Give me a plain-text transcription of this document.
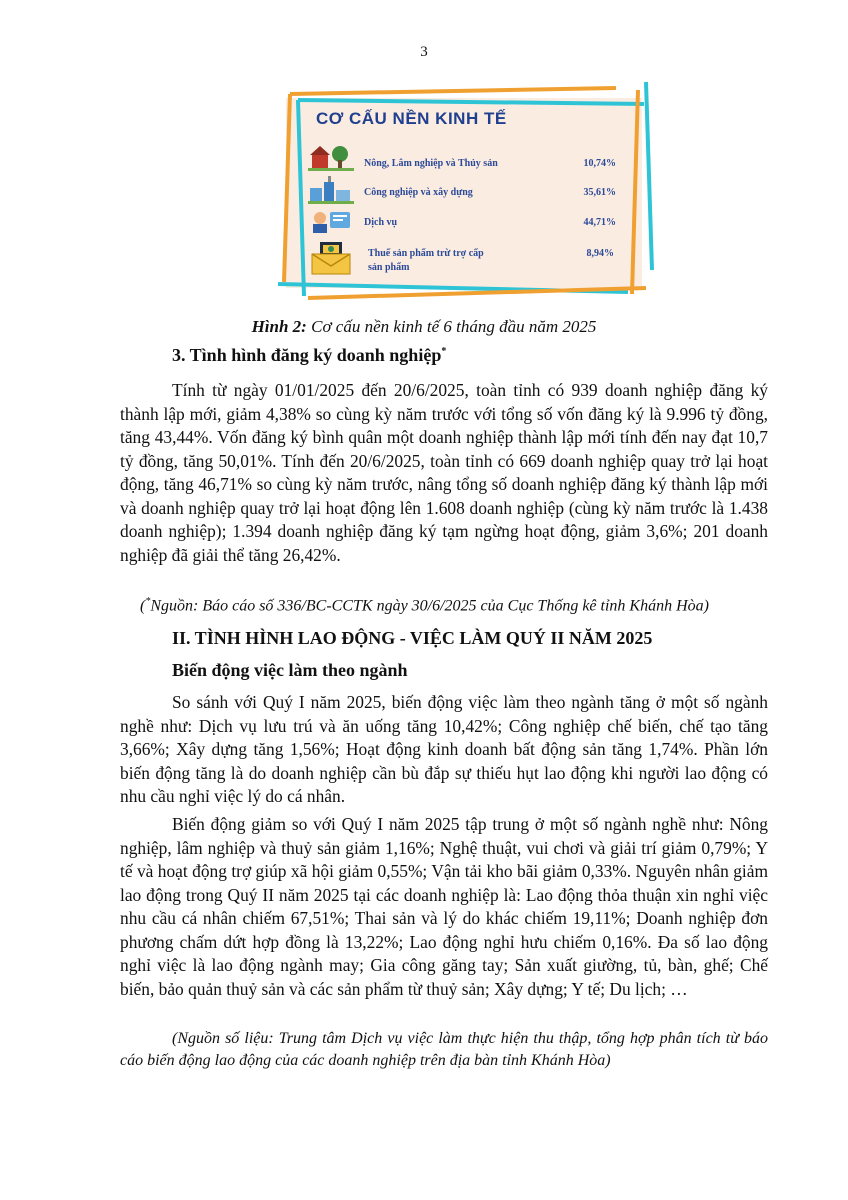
3
CƠ CẤU NỀN KINH TẾ
Nông, Lâm nghiệp và Thủy sản	10,74%
Công nghiệp và xây dựng	35,61%
Dịch vụ	44,71%
Thuế sản phẩm trừ trợ cấp
sản phẩm
8,94%
Hình 2: Cơ cấu nền kinh tế 6 tháng đầu năm 2025
3. Tình hình đăng ký doanh nghiệp*

Tính từ ngày 01/01/2025 đến 20/6/2025, toàn tỉnh có 939 doanh nghiệp đăng ký thành lập mới, giảm 4,38% so cùng kỳ năm trước với tổng số vốn đăng ký là 9.996 tỷ đồng, tăng 43,44%. Vốn đăng ký bình quân một doanh nghiệp thành lập mới tính đến nay đạt 10,7 tỷ đồng, tăng 50,01%. Tính đến 20/6/2025, toàn tỉnh có 669 doanh nghiệp quay trở lại hoạt động, tăng 46,71% so cùng kỳ năm trước, nâng tổng số doanh nghiệp đăng ký thành lập mới và doanh nghiệp quay trở lại hoạt động lên 1.608 doanh nghiệp (cùng kỳ năm trước là 1.438 doanh nghiệp); 1.394 doanh nghiệp đăng ký tạm ngừng hoạt động, giảm 3,6%; 201 doanh nghiệp đã giải thể tăng 26,42%.

(*Nguồn: Báo cáo số 336/BC-CCTK ngày 30/6/2025 của Cục Thống kê tỉnh Khánh Hòa)
II. TÌNH HÌNH LAO ĐỘNG - VIỆC LÀM QUÝ II NĂM 2025
Biến động việc làm theo ngành

So sánh với Quý I năm 2025, biến động việc làm theo ngành tăng ở một số ngành nghề như: Dịch vụ lưu trú và ăn uống tăng 10,42%; Công nghiệp chế biến, chế tạo tăng 3,66%; Xây dựng tăng 1,56%; Hoạt động kinh doanh bất động sản tăng 1,74%. Phần lớn biến động tăng là do doanh nghiệp cần bù đắp sự thiếu hụt lao động khi người lao động có nhu cầu nghỉ việc lý do cá nhân.

Biến động giảm so với Quý I năm 2025 tập trung ở một số ngành nghề như: Nông nghiệp, lâm nghiệp và thuỷ sản giảm 1,16%; Nghệ thuật, vui chơi và giải trí giảm 0,79%; Y tế và hoạt động trợ giúp xã hội giảm 0,55%; Vận tải kho bãi giảm 0,33%. Nguyên nhân giảm lao động trong Quý II năm 2025 tại các doanh nghiệp là: Lao động thỏa thuận xin nghỉ việc nhu cầu cá nhân chiếm 67,51%; Thai sản và lý do khác chiếm 19,11%; Doanh nghiệp đơn phương chấm dứt hợp đồng là 13,22%; Lao động nghỉ hưu chiếm 0,16%. Đa số lao động nghỉ việc là lao động ngành may; Gia công găng tay; Sản xuất giường, tủ, bàn, ghế; Chế biến, bảo quản thuỷ sản và các sản phẩm từ thuỷ sản; Xây dựng; Y tế; Du lịch; …

(Nguồn số liệu: Trung tâm Dịch vụ việc làm thực hiện thu thập, tổng hợp phân tích từ báo cáo biến động lao động của các doanh nghiệp trên địa bàn tỉnh Khánh Hòa)
